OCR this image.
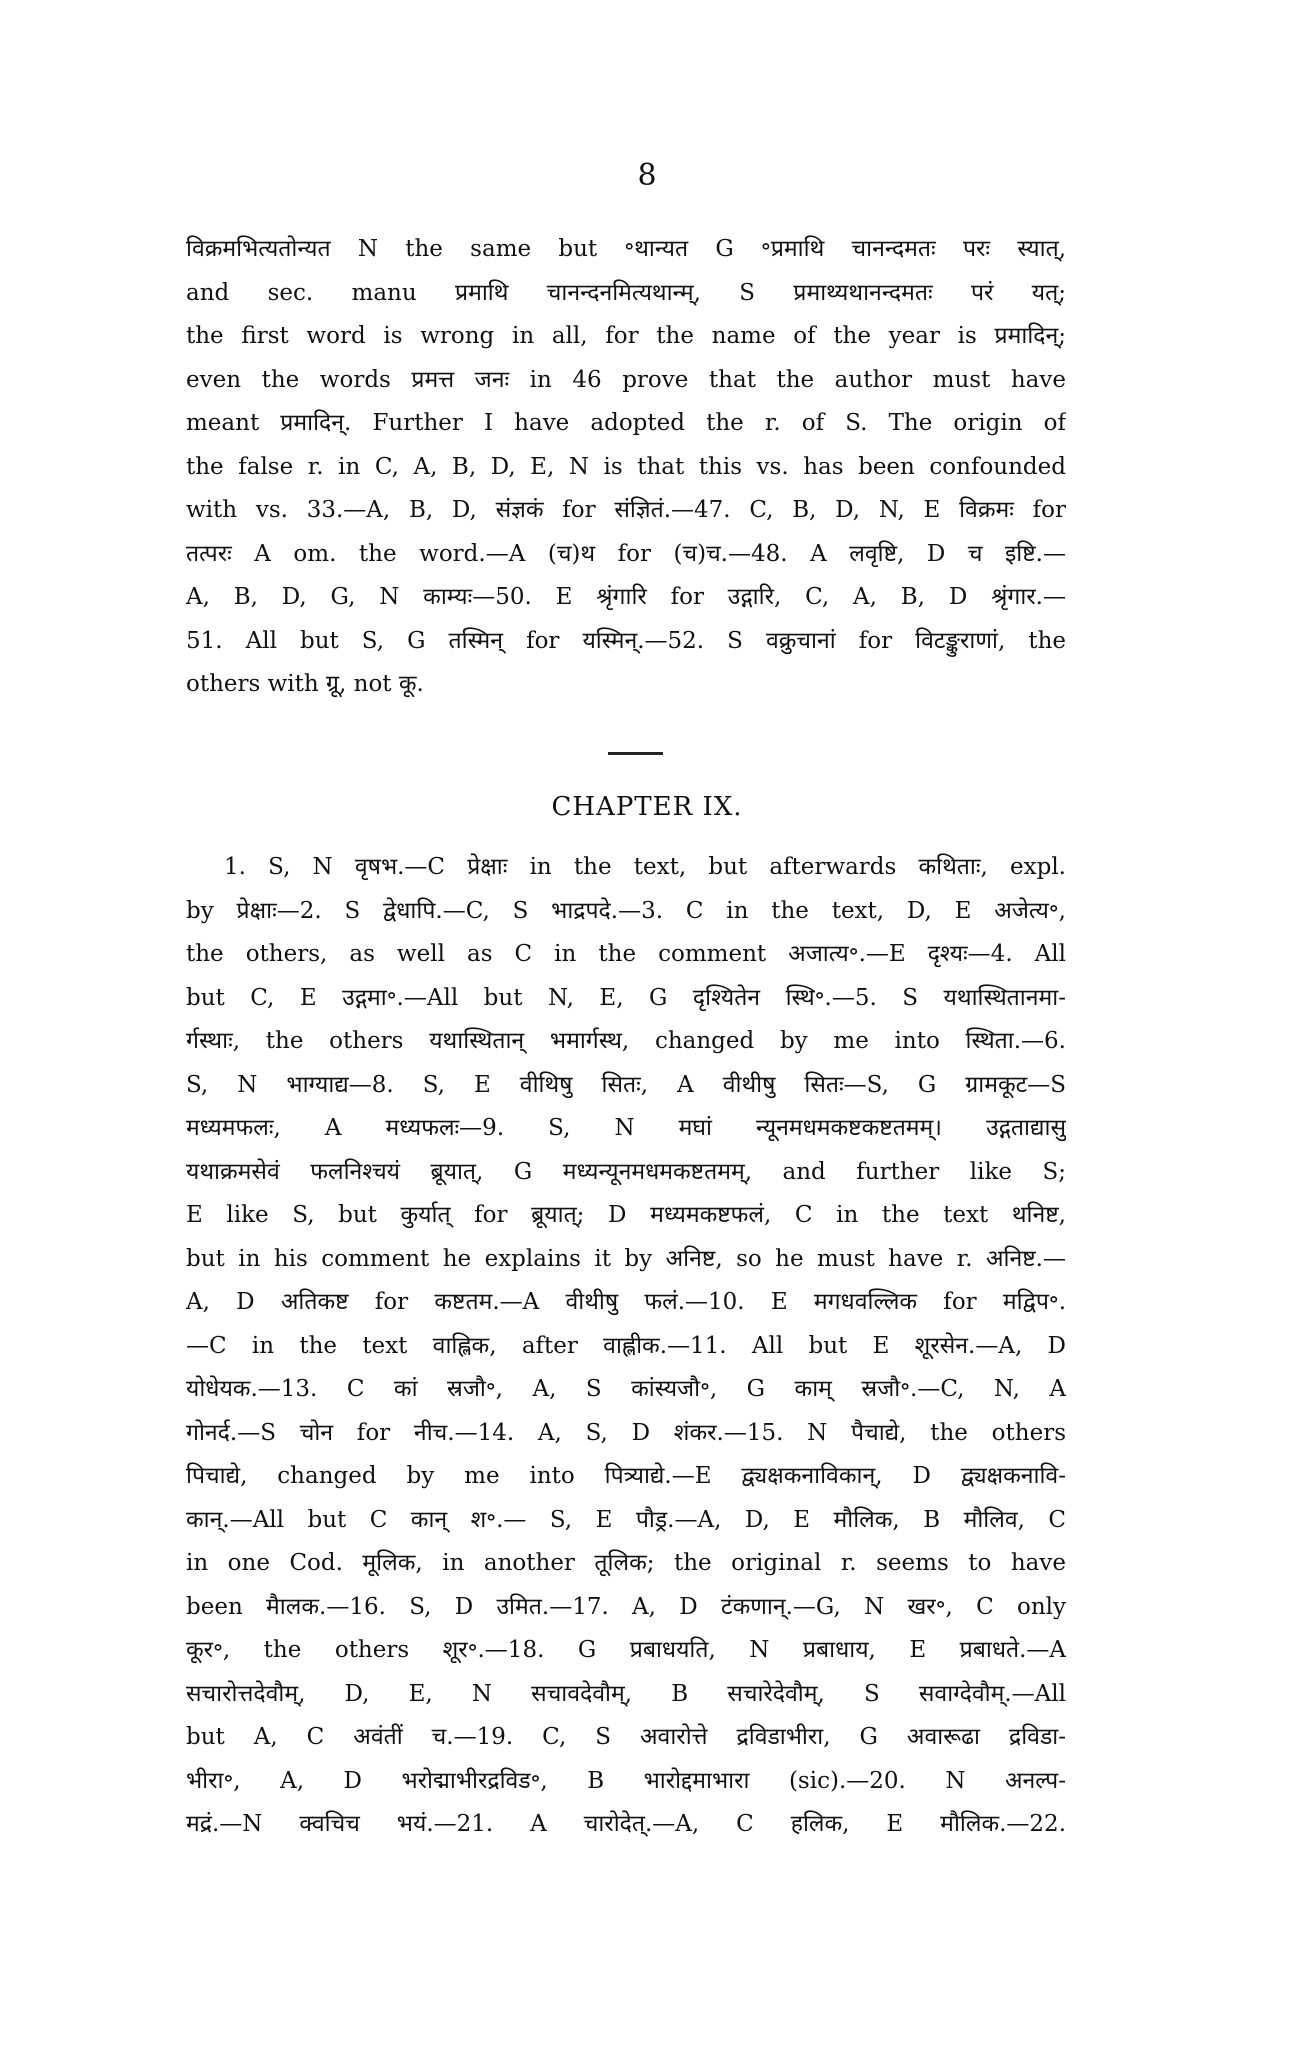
8
विक्रमभित्यतोन्यत N the same but ॰थान्यत G ॰प्रमाथि चानन्दमतः परः स्यात्,
and sec. manu प्रमाथि चानन्दनमित्यथान्म्, S प्रमाथ्यथानन्दमतः परं यत्;
the first word is wrong in all, for the name of the year is प्रमादिन्;
even the words प्रमत्त जनः in 46 prove that the author must have
meant प्रमादिन्. Further I have adopted the r. of S. The origin of
the false r. in C, A, B, D, E, N is that this vs. has been confounded
with vs. 33.—A, B, D, संज्ञकं for संज्ञितं.—47. C, B, D, N, E विक्रमः for
तत्परः A om. the word.—A (च)थ for (च)च.—48. A लवृष्टि, D च इष्टि.—
A, B, D, G, N काम्यः—50. E श्रृंगारि for उद्गारि, C, A, B, D श्रृंगार.—
51. All but S, G तस्मिन् for यस्मिन्.—52. S वक्रुचानां for विटङ्कुराणां, the
others with ग्रू, not कू.
CHAPTER IX.
1. S, N वृषभ.—C प्रेक्षाः in the text, but afterwards कथिताः, expl.
by प्रेक्षाः—2. S द्वेधापि.—C, S भाद्रपदे.—3. C in the text, D, E अजेत्य॰,
the others, as well as C in the comment अजात्य॰.—E दृश्यः—4. All
but C, E उद्गमा॰.—All but N, E, G दृश्यितेन स्थि॰.—5. S यथास्थितानमा-
र्गस्थाः, the others यथास्थितान् भमार्गस्थ, changed by me into स्थिता.—6.
S, N भाग्याद्य—8. S, E वीथिषु सितः, A वीथीषु सितः—S, G ग्रामकूट—S
मध्यमफलः, A मध्यफलः—9. S, N मघां न्यूनमधमकष्टकष्टतमम्। उद्गताद्यासु
यथाक्रमसेवं फलनिश्चयं ब्रूयात्, G मध्यन्यूनमधमकष्टतमम्, and further like S;
E like S, but कुर्यात् for ब्रूयात्; D मध्यमकष्टफलं, C in the text थनिष्ट,
but in his comment he explains it by अनिष्ट, so he must have r. अनिष्ट.—
A, D अतिकष्ट for कष्टतम.—A वीथीषु फलं.—10. E मगधवल्लिक for मद्विप॰.
—C in the text वाह्लिक, after वाह्लीक.—11. All but E शूरसेन.—A, D
योधेयक.—13. C कां स्रजौ॰, A, S कांस्यजौ॰, G काम् स्रजौ॰.—C, N, A
गोनर्द.—S चोन for नीच.—14. A, S, D शंकर.—15. N पैचाद्ये, the others
पिचाद्ये, changed by me into पित्र्याद्ये.—E द्व्यक्षकनाविकान्, D द्व्यक्षकनावि-
कान्.—All but C कान् श॰.— S, E पौड्र.—A, D, E मौलिक, B मौलिव, C
in one Cod. मूलिक, in another तूलिक; the original r. seems to have
been मैालक.—16. S, D उमित.—17. A, D टंकणान्.—G, N खर॰, C only
कूर॰, the others शूर॰.—18. G प्रबाधयति, N प्रबाधाय, E प्रबाधते.—A
सचारोत्तदेवौम्, D, E, N सचावदेवौम्, B सचारेदेवौम्, S सवाग्देवौम्.—All
but A, C अवंतीं च.—19. C, S अवारोत्ते द्रविडाभीरा, G अवारूढा द्रविडा-
भीरा॰, A, D भरोद्माभीरद्रविड॰, B भारोद्दमाभारा (sic).—20. N अनल्प-
मद्रं.—N क्वचिच भयं.—21. A चारोदेत्.—A, C हलिक, E मौलिक.—22.
